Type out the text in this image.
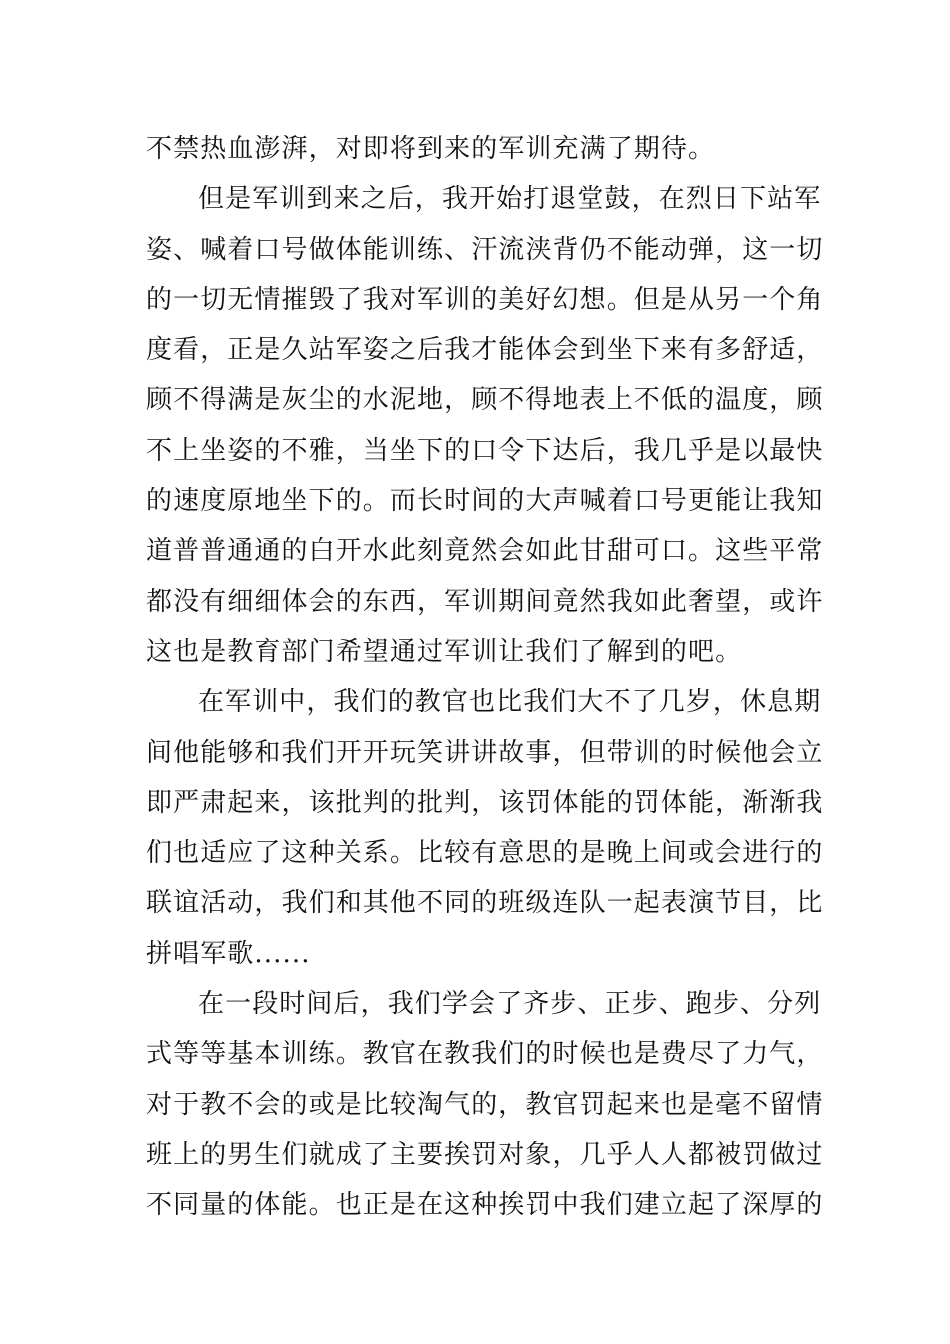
不禁热血澎湃，对即将到来的军训充满了期待。
但是军训到来之后，我开始打退堂鼓，在烈日下站军
姿、喊着口号做体能训练、汗流浃背仍不能动弹，这一切
的一切无情摧毁了我对军训的美好幻想。但是从另一个角
度看，正是久站军姿之后我才能体会到坐下来有多舒适，
顾不得满是灰尘的水泥地，顾不得地表上不低的温度，顾
不上坐姿的不雅，当坐下的口令下达后，我几乎是以最快
的速度原地坐下的。而长时间的大声喊着口号更能让我知
道普普通通的白开水此刻竟然会如此甘甜可口。这些平常
都没有细细体会的东西，军训期间竟然我如此奢望，或许
这也是教育部门希望通过军训让我们了解到的吧。
在军训中，我们的教官也比我们大不了几岁，休息期
间他能够和我们开开玩笑讲讲故事，但带训的时候他会立
即严肃起来，该批判的批判，该罚体能的罚体能，渐渐我
们也适应了这种关系。比较有意思的是晚上间或会进行的
联谊活动，我们和其他不同的班级连队一起表演节目，比
拼唱军歌......
在一段时间后，我们学会了齐步、正步、跑步、分列
式等等基本训练。教官在教我们的时候也是费尽了力气，
对于教不会的或是比较淘气的，教官罚起来也是毫不留情
班上的男生们就成了主要挨罚对象，几乎人人都被罚做过
不同量的体能。也正是在这种挨罚中我们建立起了深厚的
